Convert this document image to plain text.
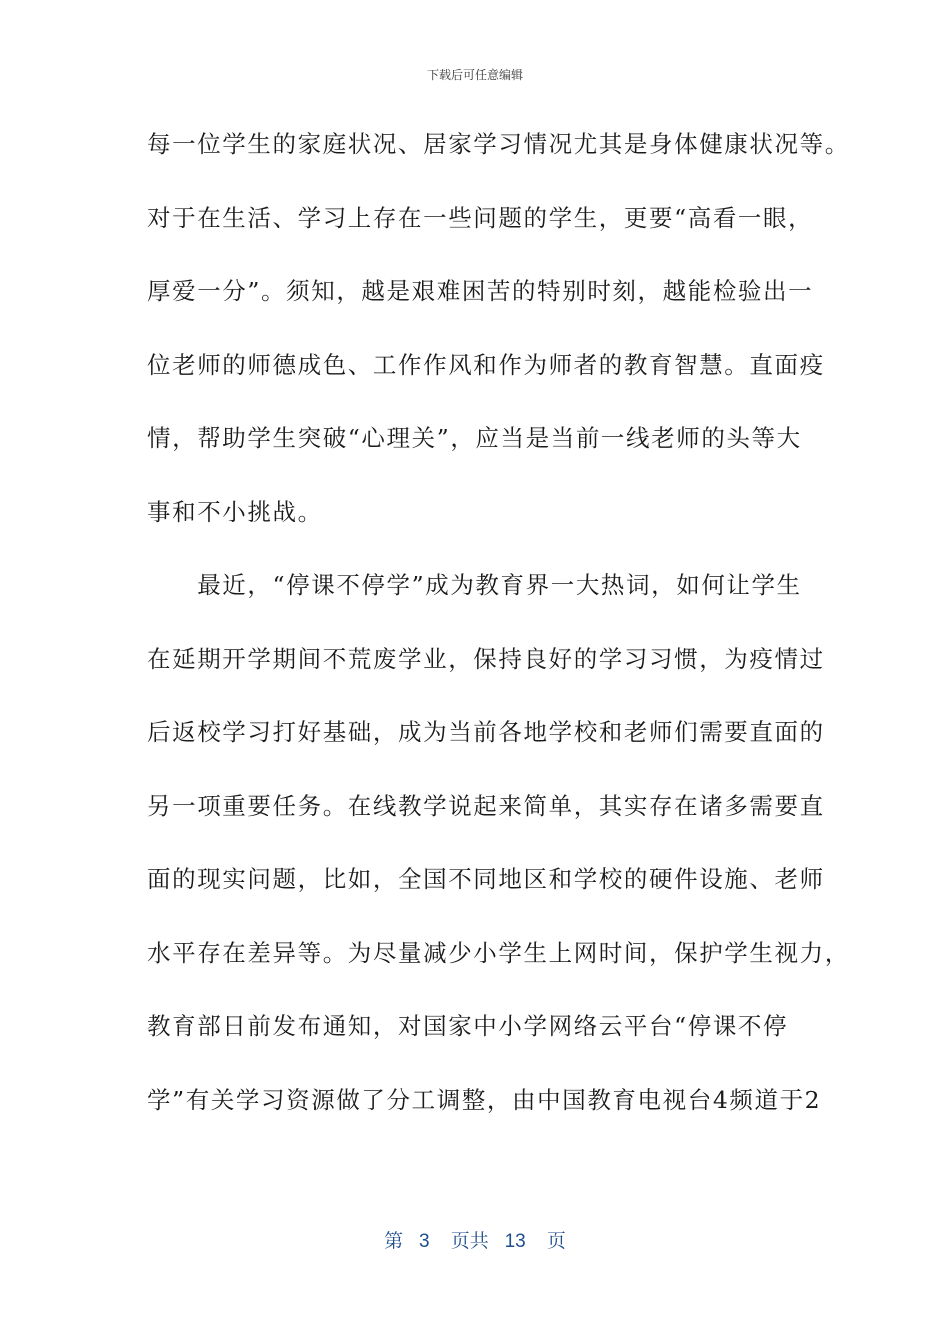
下载后可任意编辑
每一位学生的家庭状况、居家学习情况尤其是身体健康状况等。
对于在生活、学习上存在一些问题的学生，更要“高看一眼，
厚爱一分”。须知，越是艰难困苦的特别时刻，越能检验出一
位老师的师德成色、工作作风和作为师者的教育智慧。直面疫
情，帮助学生突破“心理关”，应当是当前一线老师的头等大
事和不小挑战。
　　最近，“停课不停学”成为教育界一大热词，如何让学生
在延期开学期间不荒废学业，保持良好的学习习惯，为疫情过
后返校学习打好基础，成为当前各地学校和老师们需要直面的
另一项重要任务。在线教学说起来简单，其实存在诸多需要直
面的现实问题，比如，全国不同地区和学校的硬件设施、老师
水平存在差异等。为尽量减少小学生上网时间，保护学生视力，
教育部日前发布通知，对国家中小学网络云平台“停课不停
学”有关学习资源做了分工调整，由中国教育电视台4频道于2
第 3 页共 13 页
